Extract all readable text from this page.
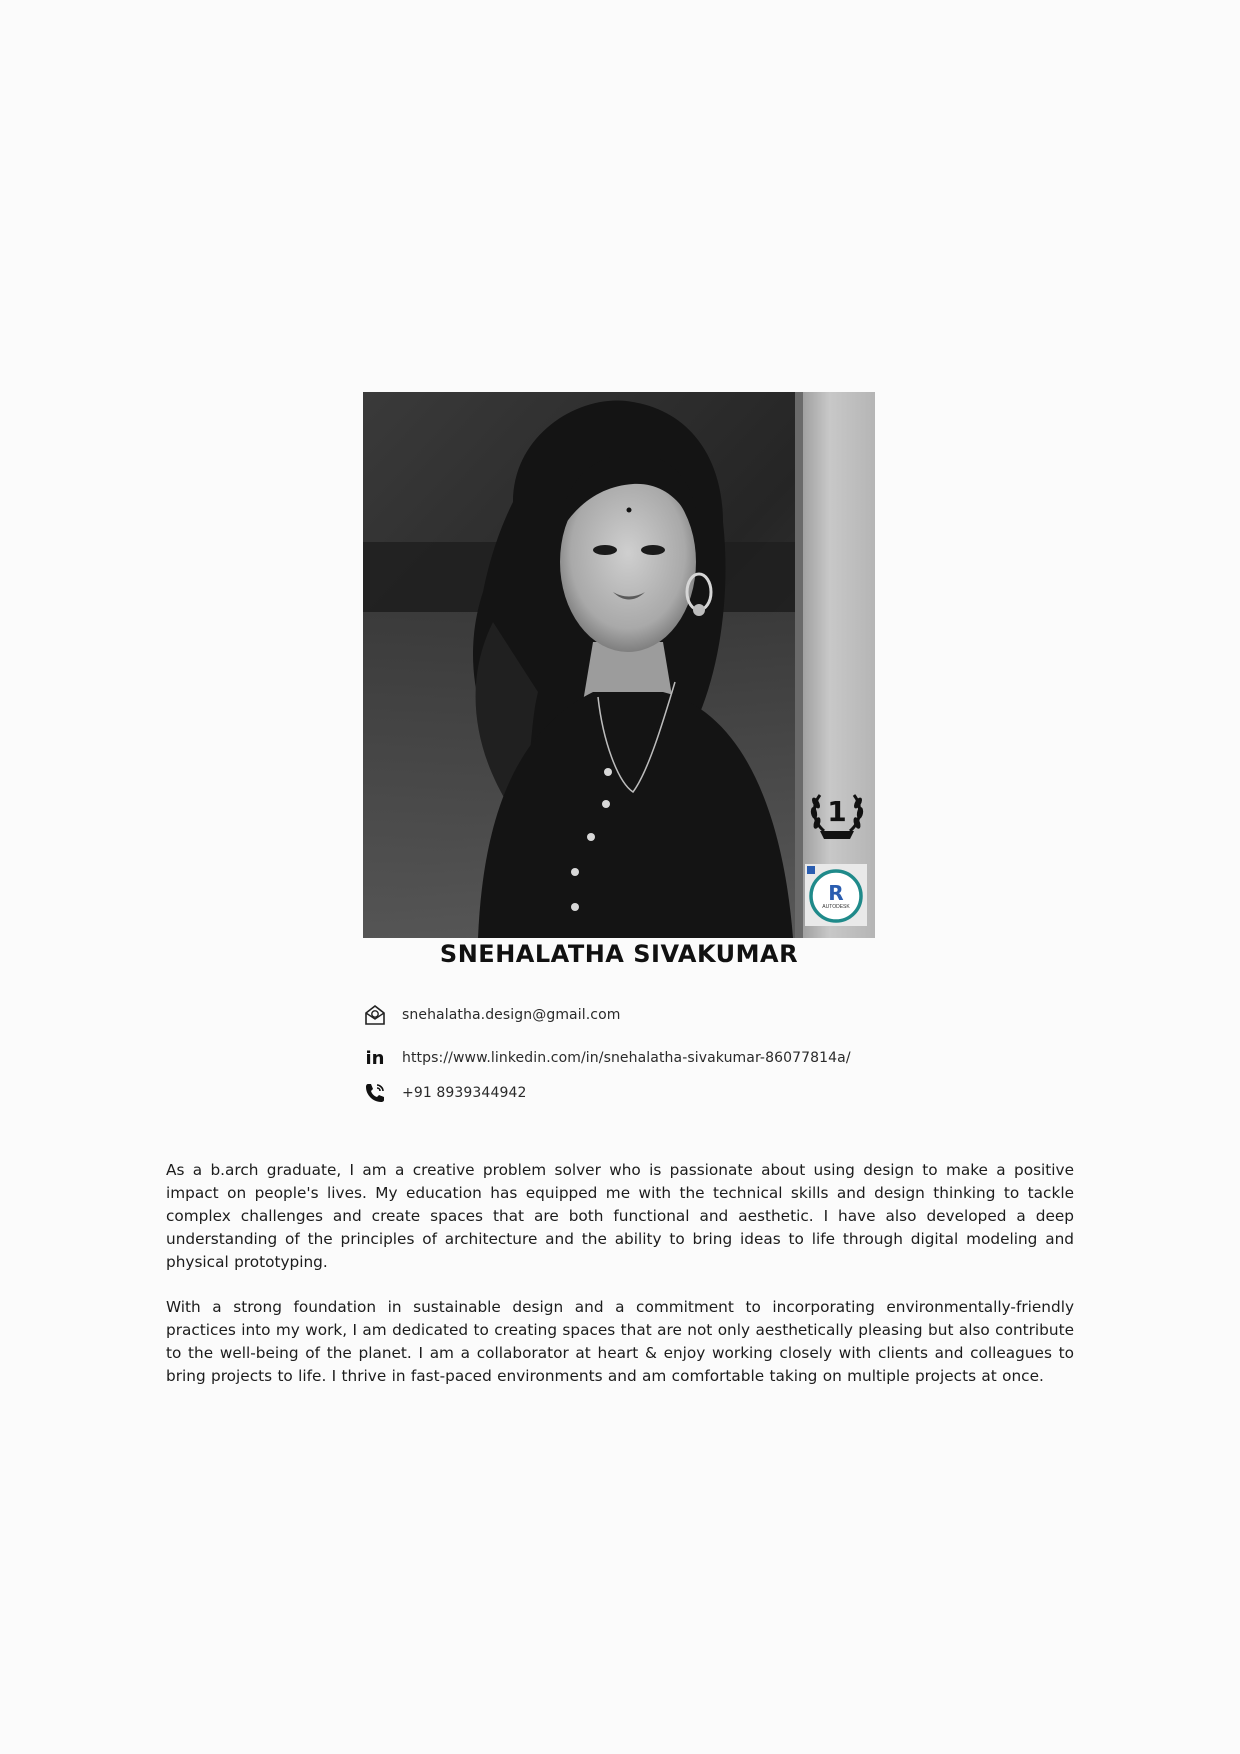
1
R
AUTODESK
SNEHALATHA SIVAKUMAR
snehalatha.design@gmail.com
in https://www.linkedin.com/in/snehalatha-sivakumar-86077814a/
+91 8939344942

As a b.arch graduate, I am a creative problem solver who is passionate about using design to make a positive impact on people's lives. My education has equipped me with the technical skills and design thinking to tackle complex challenges and create spaces that are both functional and aesthetic. I have also developed a deep understanding of the principles of architecture and the ability to bring ideas to life through digital modeling and physical prototyping.

With a strong foundation in sustainable design and a commitment to incorporating environmentally-friendly practices into my work, I am dedicated to creating spaces that are not only aesthetically pleasing but also contribute to the well-being of the planet. I am a collaborator at heart & enjoy working closely with clients and colleagues to bring projects to life. I thrive in fast-paced environments and am comfortable taking on multiple projects at once.
